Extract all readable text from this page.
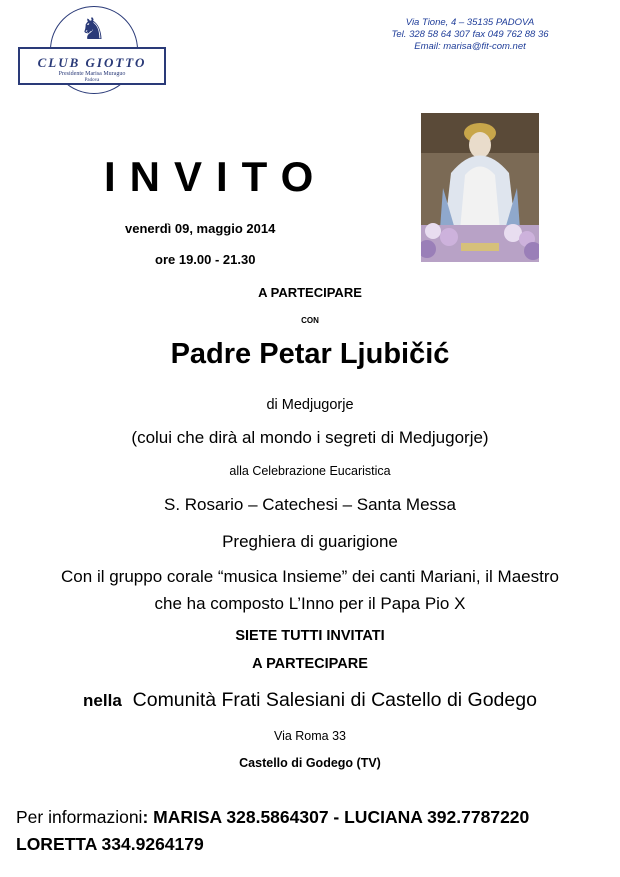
♞
CLUB GIOTTO
Presidente Marisa Muraguo
Padova
Via Tione, 4 – 35135 PADOVA
Tel. 328 58 64 307 fax 049 762 88 36
Email: marisa@fit-com.net
INVITO
venerdì 09, maggio 2014
ore 19.00 - 21.30
A PARTECIPARE
CON
Padre Petar Ljubičić
di Medjugorje
(colui che dirà al mondo i segreti di Medjugorje)
alla Celebrazione Eucaristica
S. Rosario – Catechesi – Santa Messa
Preghiera di guarigione
Con il gruppo corale “musica Insieme” dei canti Mariani, il Maestro
che ha composto L’Inno per il Papa Pio X
SIETE TUTTI INVITATI
A PARTECIPARE
nella Comunità Frati Salesiani di Castello di Godego
Via Roma 33
Castello di Godego (TV)
Per informazioni: MARISA 328.5864307 - LUCIANA 392.7787220
LORETTA 334.9264179
